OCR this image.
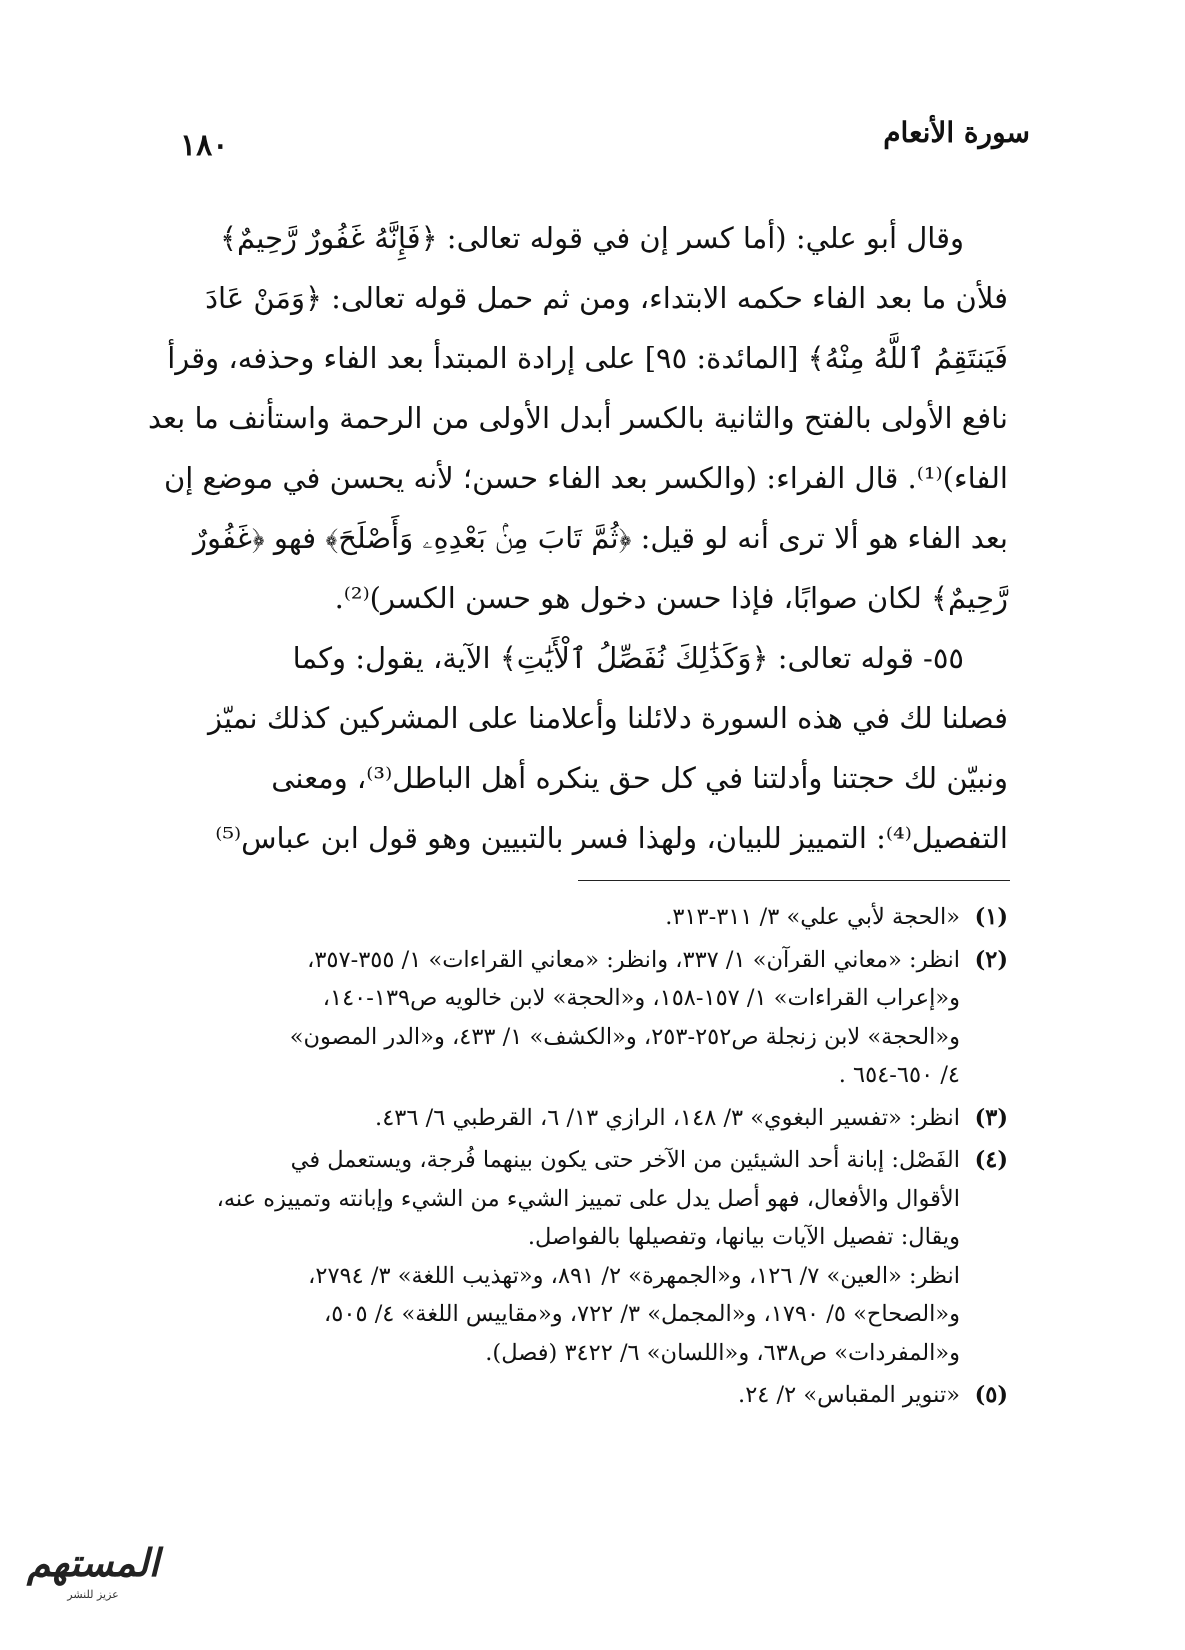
سورة الأنعام
١٨٠

وقال أبو علي: (أما كسر إن في قوله تعالى: ﴿فَإِنَّهُ غَفُورٌ رَّحِيمٌ﴾

فلأن ما بعد الفاء حكمه الابتداء، ومن ثم حمل قوله تعالى: ﴿وَمَنْ عَادَ

فَيَنتَقِمُ ٱللَّهُ مِنْهُ﴾ [المائدة: ٩٥] على إرادة المبتدأ بعد الفاء وحذفه، وقرأ

نافع الأولى بالفتح والثانية بالكسر أبدل الأولى من الرحمة واستأنف ما بعد

الفاء)⁽¹⁾. قال الفراء: (والكسر بعد الفاء حسن؛ لأنه يحسن في موضع إن

بعد الفاء هو ألا ترى أنه لو قيل: ﴿ثُمَّ تَابَ مِنۢ بَعْدِهِۦ وَأَصْلَحَ﴾ فهو ﴿غَفُورٌ

رَّحِيمٌ﴾ لكان صوابًا، فإذا حسن دخول هو حسن الكسر)⁽²⁾.

٥٥- قوله تعالى: ﴿وَكَذَٰلِكَ نُفَصِّلُ ٱلْأَيَٰتِ﴾ الآية، يقول: وكما

فصلنا لك في هذه السورة دلائلنا وأعلامنا على المشركين كذلك نميّز

ونبيّن لك حجتنا وأدلتنا في كل حق ينكره أهل الباطل⁽³⁾، ومعنى

التفصيل⁽⁴⁾: التمييز للبيان، ولهذا فسر بالتبيين وهو قول ابن عباس⁽⁵⁾

(١)
«الحجة لأبي علي» ٣/ ٣١١-٣١٣.
(٢)
انظر: «معاني القرآن» ١/ ٣٣٧، وانظر: «معاني القراءات» ١/ ٣٥٥-٣٥٧،
و«إعراب القراءات» ١/ ١٥٧-١٥٨، و«الحجة» لابن خالويه ص١٣٩-١٤٠،
و«الحجة» لابن زنجلة ص٢٥٢-٢٥٣، و«الكشف» ١/ ٤٣٣، و«الدر المصون»
٤/ ٦٥٠-٦٥٤ .
(٣)
انظر: «تفسير البغوي» ٣/ ١٤٨، الرازي ١٣/ ٦، القرطبي ٦/ ٤٣٦.
(٤)
الفَصْل: إبانة أحد الشيئين من الآخر حتى يكون بينهما فُرجة، ويستعمل في
الأقوال والأفعال، فهو أصل يدل على تمييز الشيء من الشيء وإبانته وتمييزه عنه،
ويقال: تفصيل الآيات بيانها، وتفصيلها بالفواصل.
انظر: «العين» ٧/ ١٢٦، و«الجمهرة» ٢/ ٨٩١، و«تهذيب اللغة» ٣/ ٢٧٩٤،
و«الصحاح» ٥/ ١٧٩٠، و«المجمل» ٣/ ٧٢٢، و«مقاييس اللغة» ٤/ ٥٠٥،
و«المفردات» ص٦٣٨، و«اللسان» ٦/ ٣٤٢٢ (فصل).
(٥)
«تنوير المقباس» ٢/ ٢٤.
المستهم
عزيز للنشر
